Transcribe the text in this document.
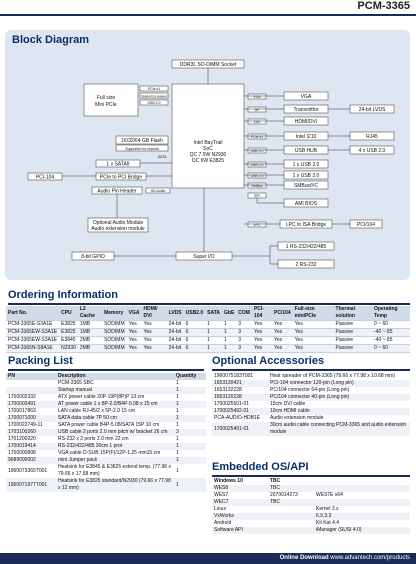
PCM-3365
Block Diagram
DDR3L SO-DIMM Socket
Full size
Mini PCIe
PCIe x1
Support by request
USB 2.0
16/32/64 GB Flash
Supported by request
SATA
1 x SATAII
PCI-104	PCIe to PCI Bridge
Audio Pin Header	HD Audio
Optional Audio Module
Audio extension module
8-bit GPIO	Super I/O
Intel BayTrail
SoC
QC 7.5W N2930
DC 6W E3825
VGA
DP
DDI
PCIe x1
USB 3.0
USB 2.0
USB 2.0
SMBus
SPI
LPC
VGA
Transmittor	24-bit LVDS
HDMI/DVI
Intel I210	RJ45
USB HUB	4 x USB 2.0
1 x USB 2.0
1 x USB 2.0
SMBus/I²C
AMI BIOS
LPC to ISA Bridge	PCI/104
1 RS-232/422/485
2 RS-232
Ordering Information
Part No.	CPU	L2 Cache	Memory	VGA	HDMI/ DVI	LVDS	USB2.0	SATA	GbE	COM	PCI-104	PC/104	Full-size miniPCIe	Thermal solution	Operating Temp
PCM-3365E-S3A1E	E3825	1MB	SODIMM	Yes	Yes	24-bit	6	1	1	3	Yes	Yes	Yes	Passive	0 ~ 60
PCM-3365EW-S3A1E	E3825	1MB	SODIMM	Yes	Yes	24-bit	6	1	1	3	Yes	Yes	Yes	Passive	-40 ~ 85
PCM-3365EW-S3A1E	E3845	2MB	SODIMM	Yes	Yes	24-bit	6	1	1	3	Yes	Yes	Yes	Passive	-40 ~ 85
PCM-3365N-S8A1E	N2930	2MB	SODIMM	Yes	Yes	24-bit	6	1	1	3	Yes	Yes	Yes	Passive	0 ~ 60
Packing List
PN	Description	Quantity
	PCM-3365 SBC	1
	Startup manual	1
1700002332	ATX power cable 20P-19P(8P)P 13 cm	1
1700003491	AT power cable 1 x 8P-2.0/B4P-5.08 x 15 cm	1
1700017863	LAN cable RJ-45/2 x 5P-2.0 15 cm	1
1700071000	SATA data cable 7P 50 cm	1
1700022749-11	SATA power cable B4P-5.08/SATA 15P 10 cm	1
1703100260	USB cable 2 ports 2.0 mm pitch w/ bracket 26 cm	3
1701200220	RS-232 x 2 ports 2.0 mm 22 cm	1
1700019414	RS-232/422/485 30cm 1 prot	1
1700000898	VGA cable D-SUB 15P(F)/12P-1.25 mm15 cm	1
9689000002	mini Jumper pack	1
1960073365T001	Heatsink for E3845 & E3825 extend temp. (77.98 x 79.66 x 17.58 mm)	1
1960071977T001	Heatsink for E3825 standard/N2930 (79.66 x 77.98 x 12 mm)	1
Optional Accessories
1960075183T001	Heat spreader of PCM-3365 (79.66 x 77.98 x 10.68 mm)
1653130421	PCI-104 connector 120-pin (Long pin)
1653132228	PC/104 connector 64-pin (Long pin)
1653120228	PC/104 connector 40-pin (Long pin)
1700025501-01	15cm DVI cable
1700025492-01	10cm HDMI cable
PCA-AUDIO-HDB1E	Audio extension module
1700025491-01	30cm audio cable connecting PCM-3365 and audio extension module
Embedded OS/API
Windows 10	TBC	
WES8	TBC	
WES7	2070014273	WES7E x64
WEC7	TBC	
Linux		Kernel 3.x
VxWorks		6.9.3.3
Android		Kit Kat 4.4
Software API		iManager (SUSI 4.0)
Online Download www.advantech.com/products
